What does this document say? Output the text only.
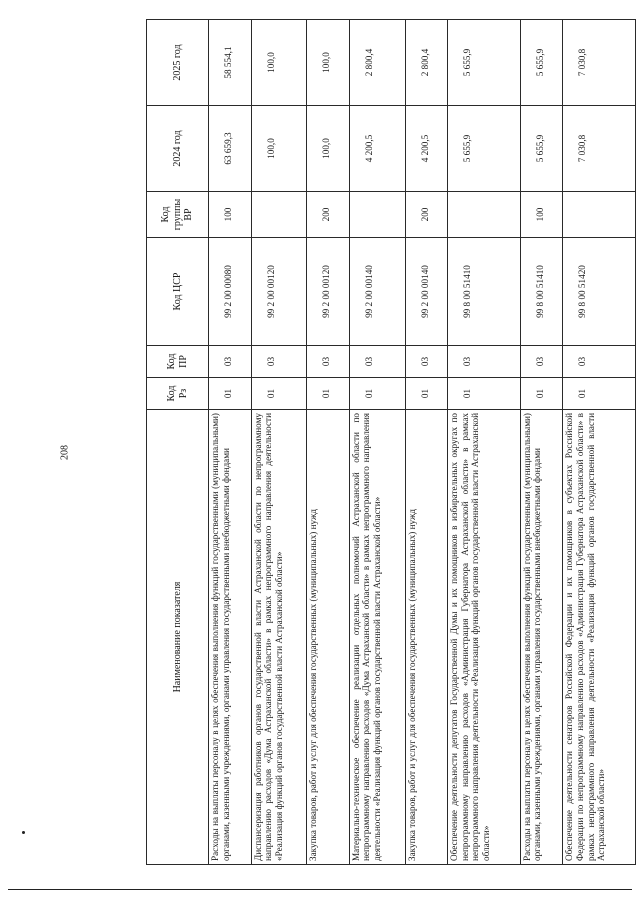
208
Наименование показателя	Код Рз	Код ПР	Код ЦСР	Код группы ВР	2024 год	2025 год
Расходы на выплаты персоналу в целях обеспечения выполнения функций государственными (муниципальными) органами, казенными учреждениями, органами управления государственными внебюджетными фондами	01	03	99 2 00 00080	100	63 659,3	58 554,1
Диспансеризация работников органов государственной власти Астраханской области по непрограммному направлению расходов «Дума Астраханской области» в рамках непрограммного направления деятельности «Реализация функций органов государственной власти Астраханской области»	01	03	99 2 00 00120		100,0	100,0
Закупка товаров, работ и услуг для обеспечения государственных (муниципальных) нужд	01	03	99 2 00 00120	200	100,0	100,0
Материально-техническое обеспечение реализации отдельных полномочий Астраханской области по непрограммному направлению расходов «Дума Астраханской области» в рамках непрограммного направления деятельности «Реализация функций органов государственной власти Астраханской области»	01	03	99 2 00 00140		4 200,5	2 800,4
Закупка товаров, работ и услуг для обеспечения государственных (муниципальных) нужд	01	03	99 2 00 00140	200	4 200,5	2 800,4
Обеспечение деятельности депутатов Государственной Думы и их помощников в избирательных округах по непрограммному направлению расходов «Администрация Губернатора Астраханской области» в рамках непрограммного направления деятельности «Реализация функций органов государственной власти Астраханской области»	01	03	99 8 00 51410		5 655,9	5 655,9
Расходы на выплаты персоналу в целях обеспечения выполнения функций государственными (муниципальными) органами, казенными учреждениями, органами управления государственными внебюджетными фондами	01	03	99 8 00 51410	100	5 655,9	5 655,9
Обеспечение деятельности сенаторов Российской Федерации и их помощников в субъектах Российской Федерации по непрограммному направлению расходов «Администрация Губернатора Астраханской области» в рамках непрограммного направления деятельности «Реализация функций органов государственной власти Астраханской области»	01	03	99 8 00 51420		7 030,8	7 030,8
